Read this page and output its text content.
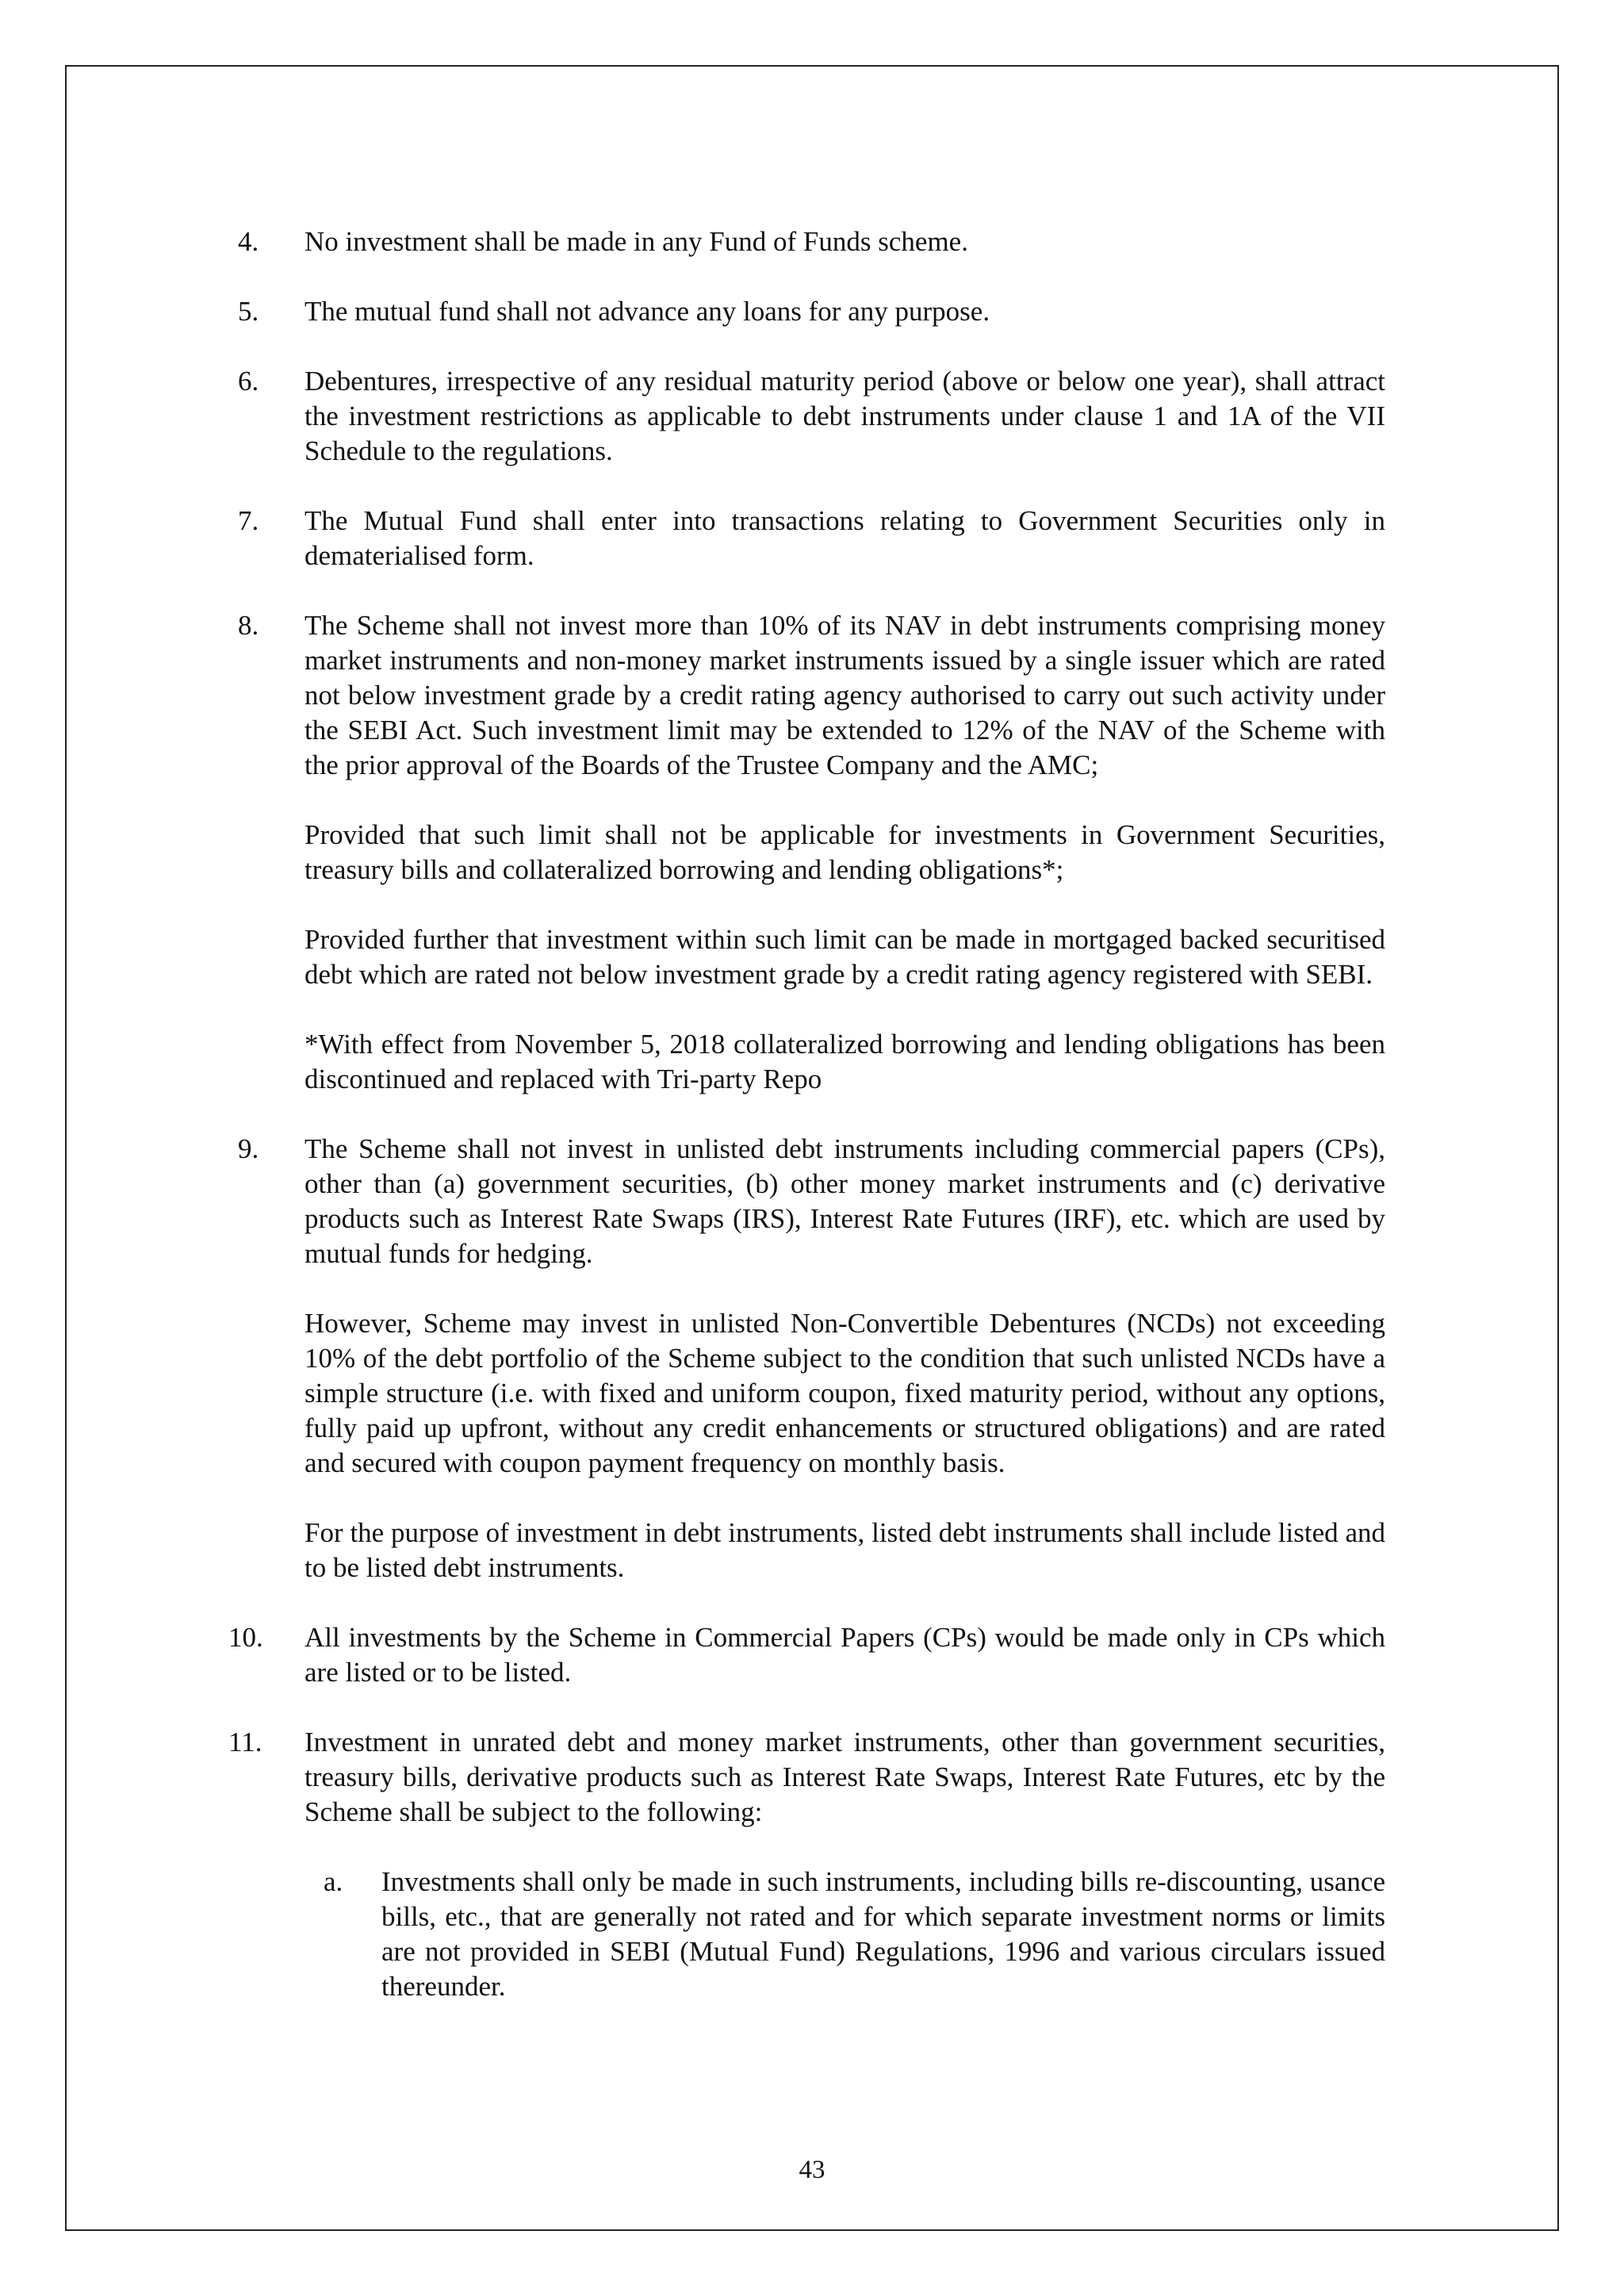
4. No investment shall be made in any Fund of Funds scheme.

5. The mutual fund shall not advance any loans for any purpose.

6. Debentures, irrespective of any residual maturity period (above or below one year), shall attract the investment restrictions as applicable to debt instruments under clause 1 and 1A of the VII Schedule to the regulations.

7. The Mutual Fund shall enter into transactions relating to Government Securities only in dematerialised form.

8. The Scheme shall not invest more than 10% of its NAV in debt instruments comprising money market instruments and non-money market instruments issued by a single issuer which are rated not below investment grade by a credit rating agency authorised to carry out such activity under the SEBI Act. Such investment limit may be extended to 12% of the NAV of the Scheme with the prior approval of the Boards of the Trustee Company and the AMC;

Provided that such limit shall not be applicable for investments in Government Securities, treasury bills and collateralized borrowing and lending obligations*;

Provided further that investment within such limit can be made in mortgaged backed securitised debt which are rated not below investment grade by a credit rating agency registered with SEBI.

*With effect from November 5, 2018 collateralized borrowing and lending obligations has been discontinued and replaced with Tri-party Repo

9. The Scheme shall not invest in unlisted debt instruments including commercial papers (CPs), other than (a) government securities, (b) other money market instruments and (c) derivative products such as Interest Rate Swaps (IRS), Interest Rate Futures (IRF), etc. which are used by mutual funds for hedging.

However, Scheme may invest in unlisted Non-Convertible Debentures (NCDs) not exceeding 10% of the debt portfolio of the Scheme subject to the condition that such unlisted NCDs have a simple structure (i.e. with fixed and uniform coupon, fixed maturity period, without any options, fully paid up upfront, without any credit enhancements or structured obligations) and are rated and secured with coupon payment frequency on monthly basis.

For the purpose of investment in debt instruments, listed debt instruments shall include listed and to be listed debt instruments.

10. All investments by the Scheme in Commercial Papers (CPs) would be made only in CPs which are listed or to be listed.

11. Investment in unrated debt and money market instruments, other than government securities, treasury bills, derivative products such as Interest Rate Swaps, Interest Rate Futures, etc by the Scheme shall be subject to the following:

a. Investments shall only be made in such instruments, including bills re-discounting, usance bills, etc., that are generally not rated and for which separate investment norms or limits are not provided in SEBI (Mutual Fund) Regulations, 1996 and various circulars issued thereunder.

43
